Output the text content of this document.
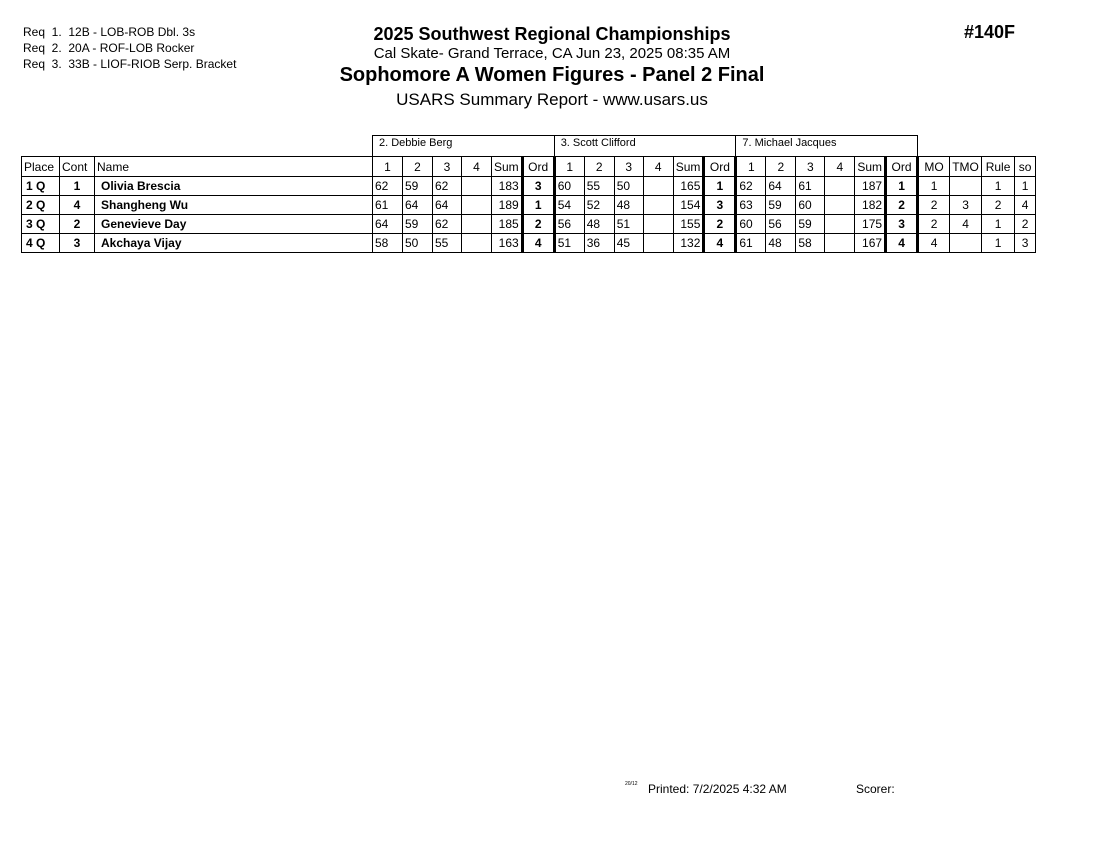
Req  1.  12B - LOB-ROB Dbl. 3s
Req  2.  20A - ROF-LOB Rocker
Req  3.  33B - LIOF-RIOB Serp. Bracket
2025 Southwest Regional Championships
Cal Skate- Grand Terrace, CA Jun 23, 2025 08:35 AM
Sophomore A Women Figures - Panel 2 Final
USARS Summary Report - www.usars.us
#140F
			2. Debbie Berg						3. Scott Clifford						7. Michael Jacques									
Place	Cont	Name	1	2	3	4	Sum	Ord	1	2	3	4	Sum	Ord	1	2	3	4	Sum	Ord	MO	TMO	Rule	so
1 Q	1	Olivia Brescia	62	59	62		183	3	60	55	50		165	1	62	64	61		187	1	1		1	1
2 Q	4	Shangheng Wu	61	64	64		189	1	54	52	48		154	3	63	59	60		182	2	2	3	2	4
3 Q	2	Genevieve Day	64	59	62		185	2	56	48	51		155	2	60	56	59		175	3	2	4	1	2
4 Q	3	Akchaya Vijay	58	50	55		163	4	51	36	45		132	4	61	48	58		167	4	4		1	3
20/12 Printed: 7/2/2025 4:32 AM	Scorer:
